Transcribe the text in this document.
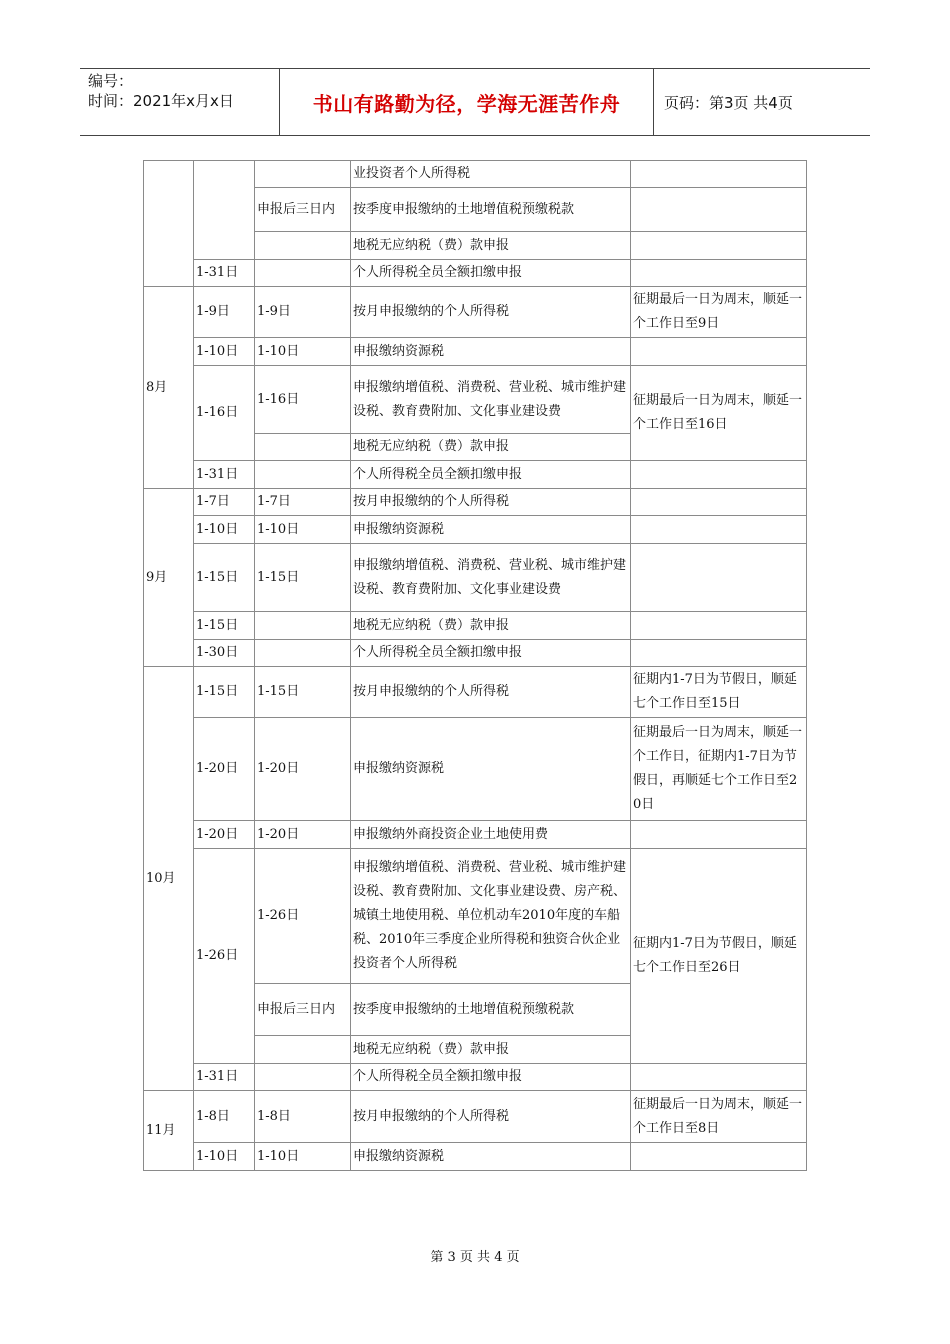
编号：
时间：2021年x月x日	书山有路勤为径，学海无涯苦作舟	页码：第3页 共4页
			业投资者个人所得税	
		申报后三日内	按季度申报缴纳的土地增值税预缴税款	
			地税无应纳税（费）款申报	
	1-31日		个人所得税全员全额扣缴申报	
8月	1-9日	1-9日	按月申报缴纳的个人所得税	征期最后一日为周末，顺延一个工作日至9日
	1-10日	1-10日	申报缴纳资源税	
	1-16日	1-16日	申报缴纳增值税、消费税、营业税、城市维护建设税、教育费附加、文化事业建设费	征期最后一日为周末，顺延一个工作日至16日
			地税无应纳税（费）款申报	
	1-31日		个人所得税全员全额扣缴申报	
9月	1-7日	1-7日	按月申报缴纳的个人所得税	
	1-10日	1-10日	申报缴纳资源税	
	1-15日	1-15日	申报缴纳增值税、消费税、营业税、城市维护建设税、教育费附加、文化事业建设费	
	1-15日		地税无应纳税（费）款申报	
	1-30日		个人所得税全员全额扣缴申报	
10月	1-15日	1-15日	按月申报缴纳的个人所得税	征期内1-7日为节假日，顺延七个工作日至15日
	1-20日	1-20日	申报缴纳资源税	征期最后一日为周末，顺延一个工作日，征期内1-7日为节假日，再顺延七个工作日至20日
	1-20日	1-20日	申报缴纳外商投资企业土地使用费	
	1-26日	1-26日	申报缴纳增值税、消费税、营业税、城市维护建设税、教育费附加、文化事业建设费、房产税、城镇土地使用税、单位机动车2010年度的车船税、2010年三季度企业所得税和独资合伙企业投资者个人所得税	征期内1-7日为节假日，顺延七个工作日至26日
		申报后三日内	按季度申报缴纳的土地增值税预缴税款	
			地税无应纳税（费）款申报	
	1-31日		个人所得税全员全额扣缴申报	
11月	1-8日	1-8日	按月申报缴纳的个人所得税	征期最后一日为周末，顺延一个工作日至8日
	1-10日	1-10日	申报缴纳资源税	
第 3 页 共 4 页
